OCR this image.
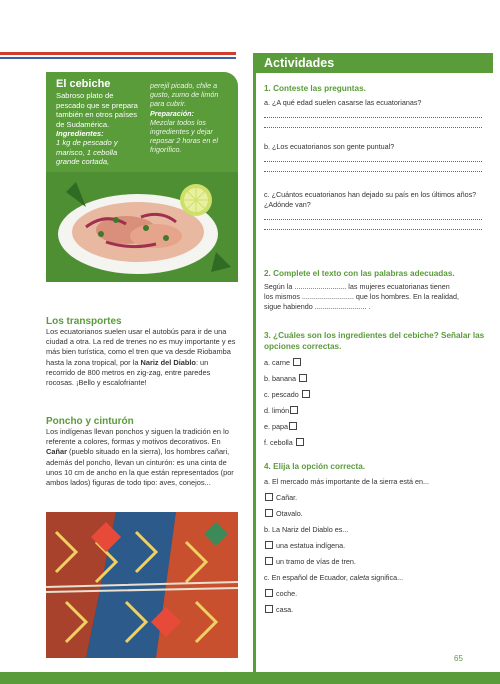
El cebiche
Sabroso plato de pescado que se prepara también en otros países de Sudamérica.
Ingredientes:
1 kg de pescado y marisco, 1 cebolla grande cortada,
perejil picado, chile a gusto, zumo de limón para cubrir.
Preparación:
Mezclar todos los ingredientes y dejar reposar 2 horas en el frigorífico.

Los transportes

Los ecuatorianos suelen usar el autobús para ir de una ciudad a otra. La red de trenes no es muy importante y es más bien turística, como el tren que va desde Riobamba hasta la zona tropical, por la Nariz del Diablo: un recorrido de 800 metros en zig-zag, entre paredes rocosas. ¡Bello y escalofriante!

Poncho y cinturón

Los indígenas llevan ponchos y siguen la tradición en lo referente a colores, formas y motivos decorativos. En Cañar (pueblo situado en la sierra), los hombres cañari, además del poncho, llevan un cinturón: es una cinta de unos 10 cm de ancho en la que están representados (por ambos lados) figuras de todo tipo: aves, conejos...
Actividades
1. Conteste las preguntas.
a. ¿A qué edad suelen casarse las ecuatorianas?
b. ¿Los ecuatorianos son gente puntual?
c. ¿Cuántos ecuatorianos han dejado su país en los últimos años? ¿Adónde van?
2. Complete el texto con las palabras adecuadas.
Según la .......................... las mujeres ecuatorianas tienen
los mismos .......................... que los hombres. En la realidad,
sigue habiendo .......................... .
3. ¿Cuáles son los ingredientes del cebiche? Señalar las opciones correctas.
a. carne
b. banana
c. pescado
d. limón
e. papa
f. cebolla
4. Elija la opción correcta.
a. El mercado más importante de la sierra está en...
Cañar.
Otavalo.
b. La Nariz del Diablo es...
una estatua indígena.
un tramo de vías de tren.
c. En español de Ecuador, caleta significa...
coche.
casa.
65
